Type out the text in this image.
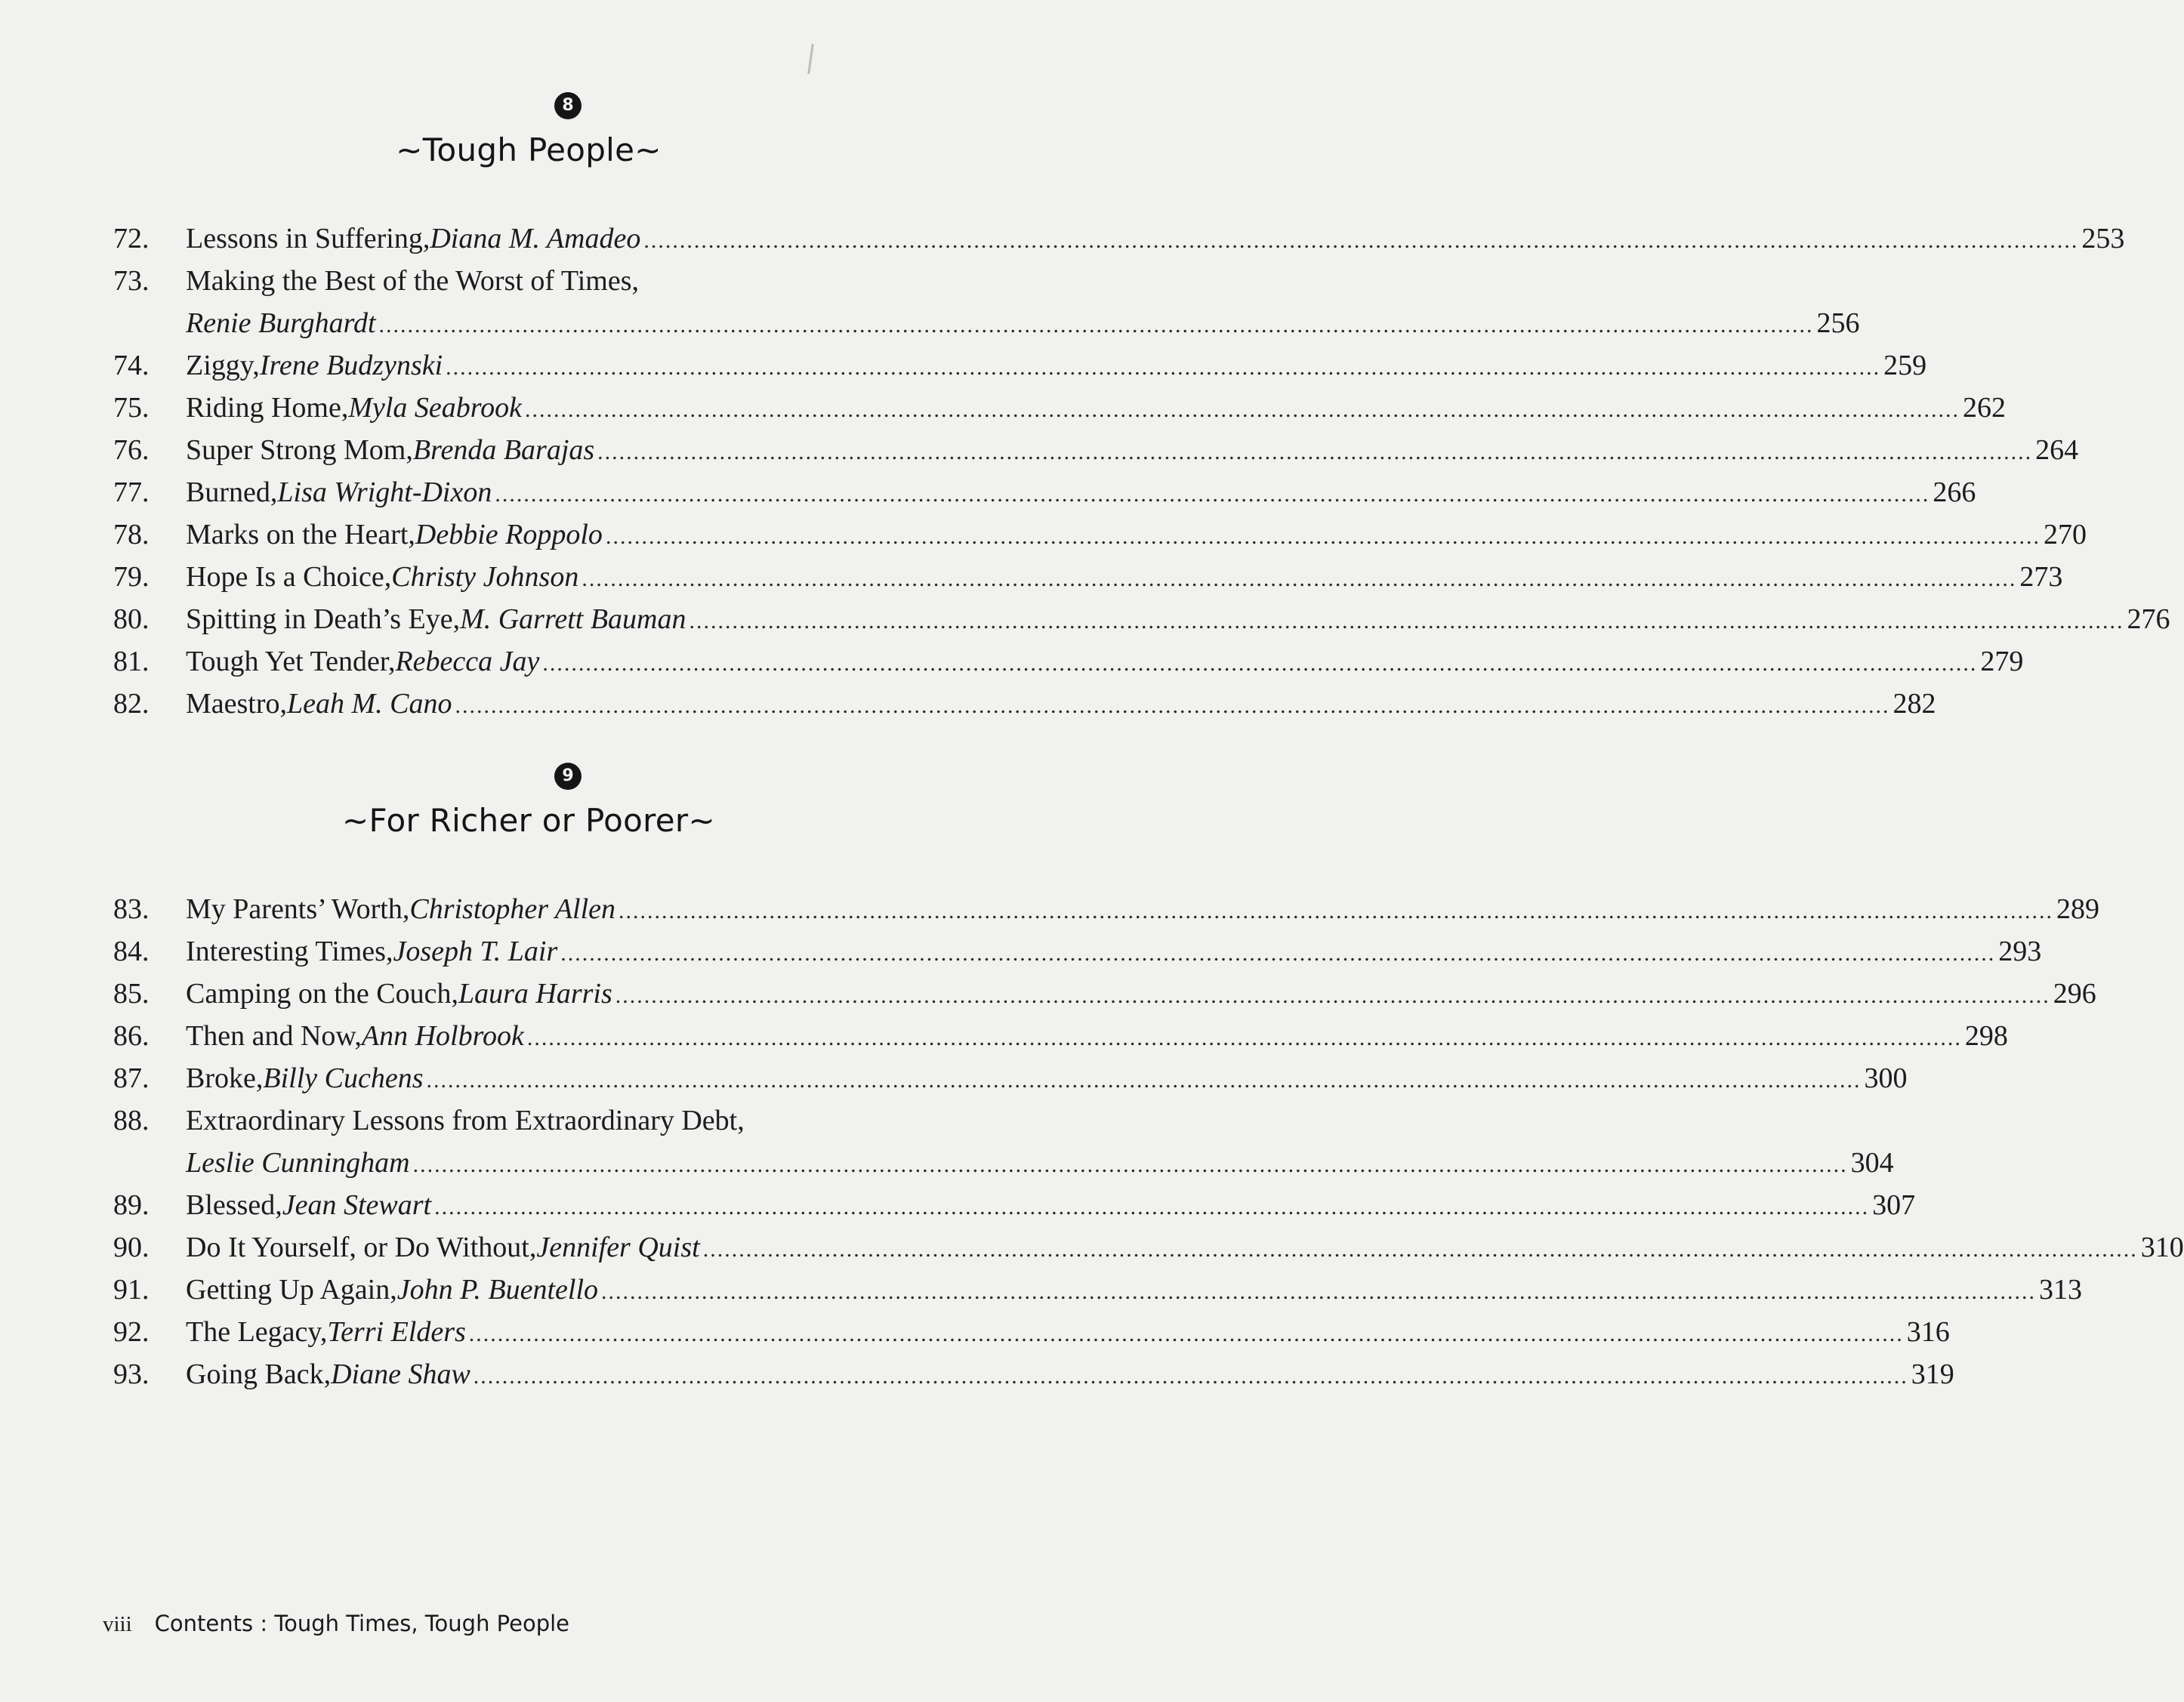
8
~Tough People~
72. Lessons in Suffering, Diana M. Amadeo ........................................................................................................................................................................................................ 253
73. Making the Best of the Worst of Times,
Renie Burghardt ........................................................................................................................................................................................................ 256
74. Ziggy, Irene Budzynski ........................................................................................................................................................................................................ 259
75. Riding Home, Myla Seabrook ........................................................................................................................................................................................................ 262
76. Super Strong Mom, Brenda Barajas ........................................................................................................................................................................................................ 264
77. Burned, Lisa Wright-Dixon ........................................................................................................................................................................................................ 266
78. Marks on the Heart, Debbie Roppolo ........................................................................................................................................................................................................ 270
79. Hope Is a Choice, Christy Johnson ........................................................................................................................................................................................................ 273
80. Spitting in Death’s Eye, M. Garrett Bauman ........................................................................................................................................................................................................ 276
81. Tough Yet Tender, Rebecca Jay ........................................................................................................................................................................................................ 279
82. Maestro, Leah M. Cano ........................................................................................................................................................................................................ 282
9
~For Richer or Poorer~
83. My Parents’ Worth, Christopher Allen ........................................................................................................................................................................................................ 289
84. Interesting Times, Joseph T. Lair ........................................................................................................................................................................................................ 293
85. Camping on the Couch, Laura Harris ........................................................................................................................................................................................................ 296
86. Then and Now, Ann Holbrook ........................................................................................................................................................................................................ 298
87. Broke, Billy Cuchens ........................................................................................................................................................................................................ 300
88. Extraordinary Lessons from Extraordinary Debt,
Leslie Cunningham ........................................................................................................................................................................................................ 304
89. Blessed, Jean Stewart ........................................................................................................................................................................................................ 307
90. Do It Yourself, or Do Without, Jennifer Quist ........................................................................................................................................................................................................ 310
91. Getting Up Again, John P. Buentello ........................................................................................................................................................................................................ 313
92. The Legacy, Terri Elders ........................................................................................................................................................................................................ 316
93. Going Back, Diane Shaw ........................................................................................................................................................................................................ 319
viii Contents : Tough Times, Tough People
